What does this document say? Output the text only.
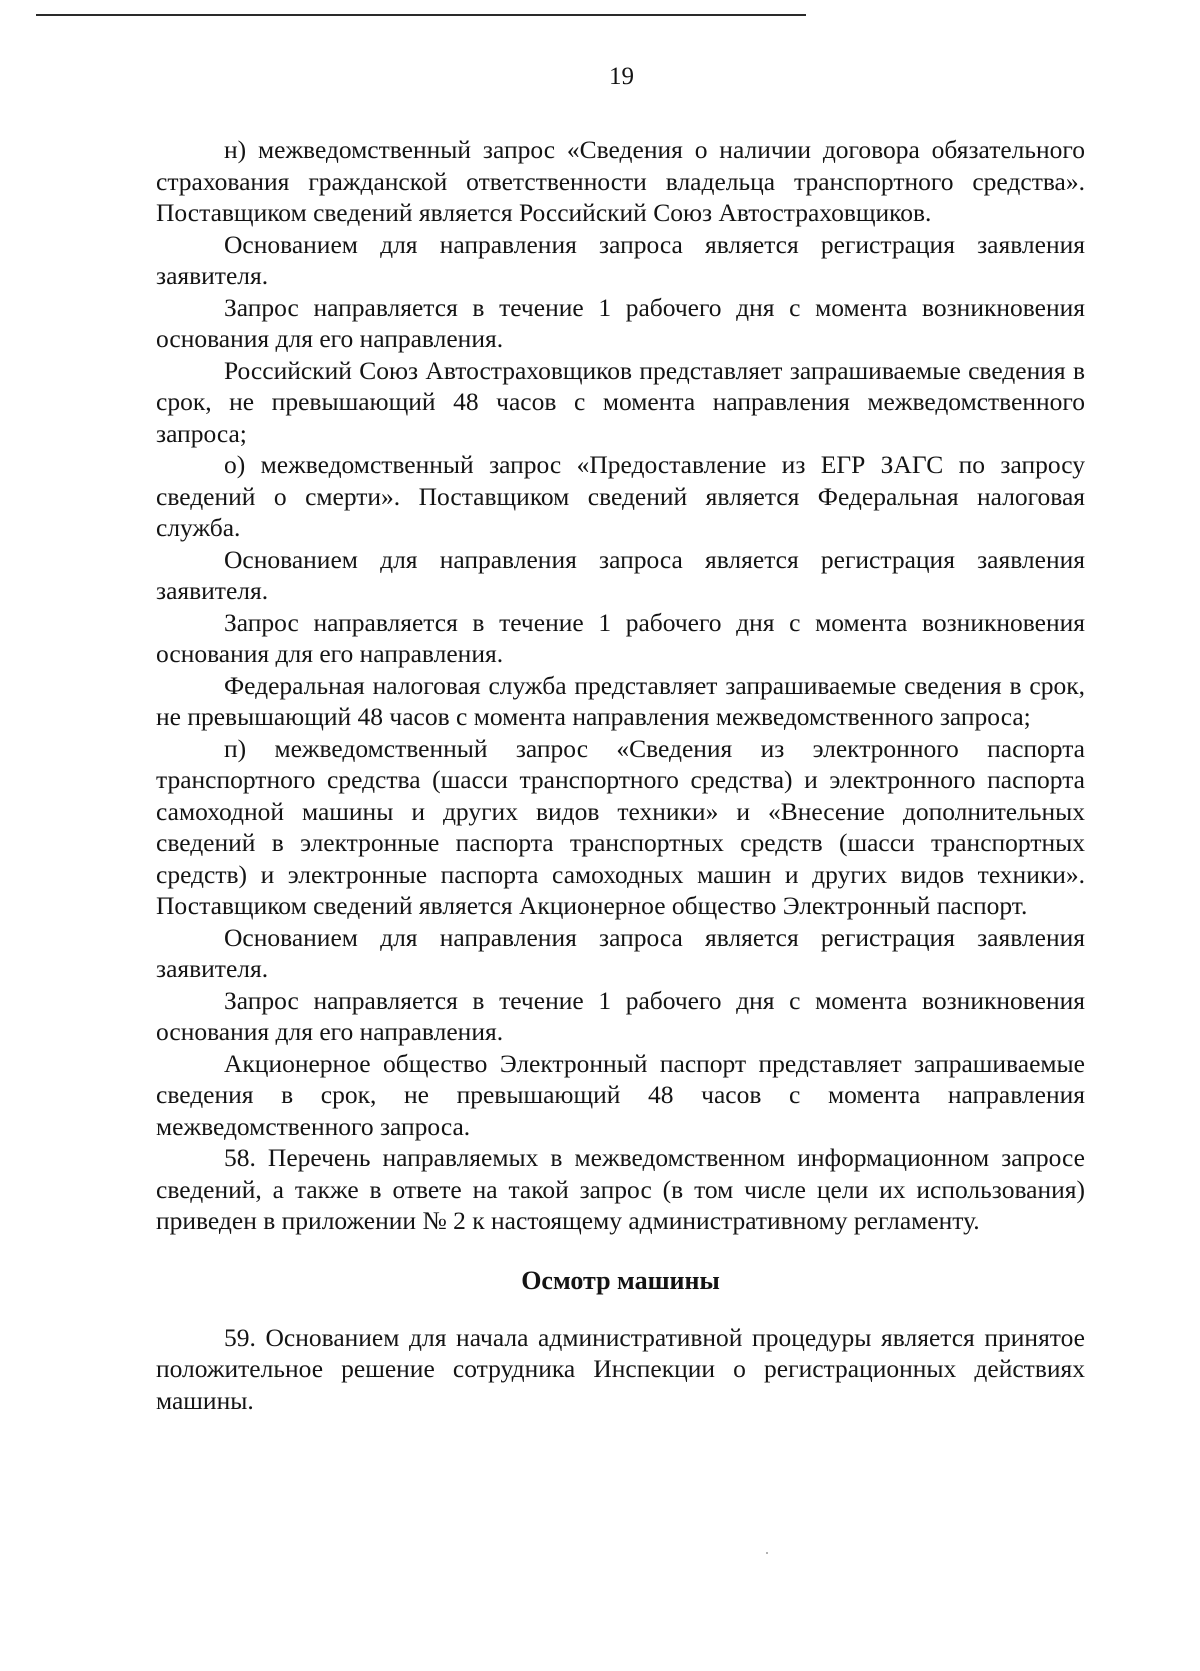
19

н) межведомственный запрос «Сведения о наличии договора обязательного страхования гражданской ответственности владельца транспортного средства». Поставщиком сведений является Российский Союз Автостраховщиков.

Основанием для направления запроса является регистрация заявления заявителя.

Запрос направляется в течение 1 рабочего дня с момента возникновения основания для его направления.

Российский Союз Автостраховщиков представляет запрашиваемые сведения в срок, не превышающий 48 часов с момента направления межведомственного запроса;

о) межведомственный запрос «Предоставление из ЕГР ЗАГС по запросу сведений о смерти». Поставщиком сведений является Федеральная налоговая служба.

Основанием для направления запроса является регистрация заявления заявителя.

Запрос направляется в течение 1 рабочего дня с момента возникновения основания для его направления.

Федеральная налоговая служба представляет запрашиваемые сведения в срок, не превышающий 48 часов с момента направления межведомственного запроса;

п) межведомственный запрос «Сведения из электронного паспорта транспортного средства (шасси транспортного средства) и электронного паспорта самоходной машины и других видов техники» и «Внесение дополнительных сведений в электронные паспорта транспортных средств (шасси транспортных средств) и электронные паспорта самоходных машин и других видов техники». Поставщиком сведений является Акционерное общество Электронный паспорт.

Основанием для направления запроса является регистрация заявления заявителя.

Запрос направляется в течение 1 рабочего дня с момента возникновения основания для его направления.

Акционерное общество Электронный паспорт представляет запрашиваемые сведения в срок, не превышающий 48 часов с момента направления межведомственного запроса.

58. Перечень направляемых в межведомственном информационном запросе сведений, а также в ответе на такой запрос (в том числе цели их использования) приведен в приложении № 2 к настоящему административному регламенту.

Осмотр машины

59. Основанием для начала административной процедуры является принятое положительное решение сотрудника Инспекции о регистрационных действиях машины.
